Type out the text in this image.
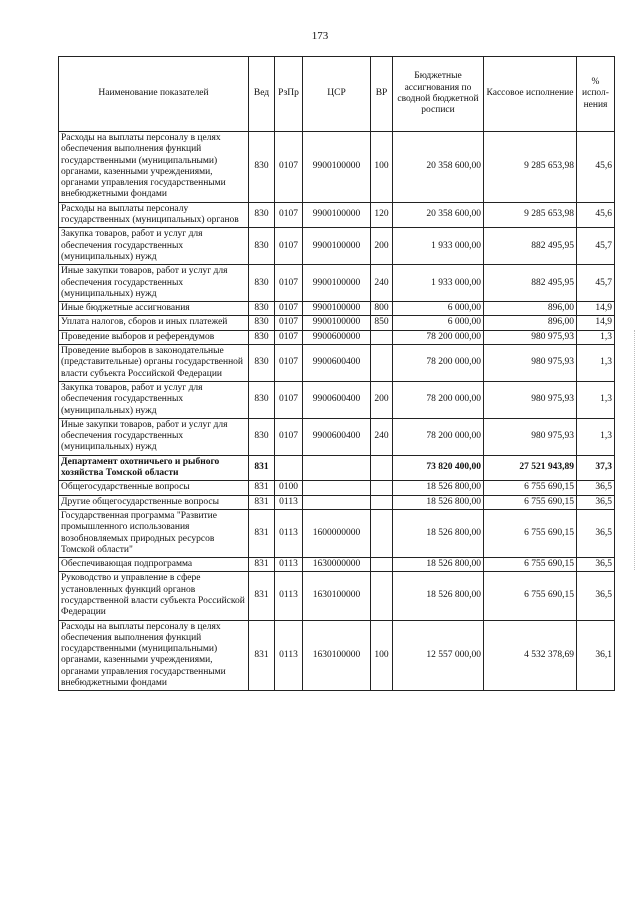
173
Наименование показателей	Вед	РзПр	ЦСР	ВР	Бюджетные ассигнования по сводной бюджетной росписи	Кассовое исполнение	% испол-нения
Расходы на выплаты персоналу в целях обеспечения выполнения функций государственными (муниципальными) органами, казенными учреждениями, органами управления государственными внебюджетными фондами	830	0107	9900100000	100	20 358 600,00	9 285 653,98	45,6
Расходы на выплаты персоналу государственных (муниципальных) органов	830	0107	9900100000	120	20 358 600,00	9 285 653,98	45,6
Закупка товаров, работ и услуг для обеспечения государственных (муниципальных) нужд	830	0107	9900100000	200	1 933 000,00	882 495,95	45,7
Иные закупки товаров, работ и услуг для обеспечения государственных (муниципальных) нужд	830	0107	9900100000	240	1 933 000,00	882 495,95	45,7
Иные бюджетные ассигнования	830	0107	9900100000	800	6 000,00	896,00	14,9
Уплата налогов, сборов и иных платежей	830	0107	9900100000	850	6 000,00	896,00	14,9
Проведение выборов и референдумов	830	0107	9900600000		78 200 000,00	980 975,93	1,3
Проведение выборов в законодательные (представительные) органы государственной власти субъекта Российской Федерации	830	0107	9900600400		78 200 000,00	980 975,93	1,3
Закупка товаров, работ и услуг для обеспечения государственных (муниципальных) нужд	830	0107	9900600400	200	78 200 000,00	980 975,93	1,3
Иные закупки товаров, работ и услуг для обеспечения государственных (муниципальных) нужд	830	0107	9900600400	240	78 200 000,00	980 975,93	1,3
Департамент охотничьего и рыбного хозяйства Томской области	831				73 820 400,00	27 521 943,89	37,3
Общегосударственные вопросы	831	0100			18 526 800,00	6 755 690,15	36,5
Другие общегосударственные вопросы	831	0113			18 526 800,00	6 755 690,15	36,5
Государственная программа "Развитие промышленного использования возобновляемых природных ресурсов Томской области"	831	0113	1600000000		18 526 800,00	6 755 690,15	36,5
Обеспечивающая подпрограмма	831	0113	1630000000		18 526 800,00	6 755 690,15	36,5
Руководство и управление в сфере установленных функций органов государственной власти субъекта Российской Федерации	831	0113	1630100000		18 526 800,00	6 755 690,15	36,5
Расходы на выплаты персоналу в целях обеспечения выполнения функций государственными (муниципальными) органами, казенными учреждениями, органами управления государственными внебюджетными фондами	831	0113	1630100000	100	12 557 000,00	4 532 378,69	36,1
